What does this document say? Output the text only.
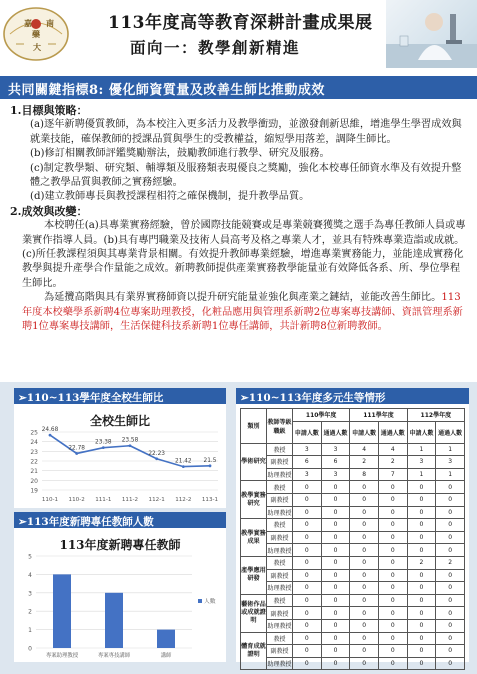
嘉
藥
南
大
113年度高等教育深耕計畫成果展
面向一：教學創新精進
共同關鍵指標8: 優化師資質量及改善生師比推動成效
1.目標與策略：
(a)逐年新聘優質教師，為本校注入更多活力及教學衝勁，並激發創新思維，增進學生學習成效與就業技能，確保教師的授課品質與學生的受教權益，縮短學用落差，調降生師比。
(b)修訂相關教師評鑑獎勵辦法，鼓勵教師進行教學、研究及服務。
(c)制定教學類、研究類、輔導類及服務類表現優良之獎勵，強化本校專任師資水準及有效提升整體之教學品質與教師之實務經驗。
(d)建立教師專長與教授課程相符之確保機制，提升教學品質。
2.成效與改變：
本校聘任(a)具專業實務經驗，曾於國際技能競賽或是專業競賽獲獎之選手為專任教師人員或專業實作指導人員。(b)具有專門職業及技術人員高考及格之專業人才，並具有特殊專業造詣或成就。(c)所任教課程須與其專業背景相關。有效提升教師專業經驗，增進專業實務能力，並能達成實務化教學與提升產學合作量能之成效。新聘教師提供產業實務教學能量並有效降低各系、所、學位學程生師比。
為延攬高階與具有業界實務師資以提升研究能量並強化與產業之鏈結，並能改善生師比。113年度本校藥學系新聘4位專案助理教授，化粧品應用與管理系新聘2位專案專技講師、資訊管理系新聘1位專案專技講師，生活保健科技系新聘1位專任講師，共計新聘8位新聘教師。
➢110~113學年度全校生師比
全校生師比
25
24
23
22
21
20
19
24.68
110-1
22.78
110-2
23.38
111-1
23.58
111-2
22.23
112-1
21.42
112-2
21.5
113-1
➢113年度新聘專任教師人數
113年度新聘專任教師
5
4
3
2
1
0
專案助理教授	專案專技講師	講師
人數
➢110~113年度多元生等情形
類別	教師等級職級	110學年度		111學年度		112學年度	
		申請人數	通過人數	申請人數	通過人數	申請人數	通過人數
學術研究	教授	3	3	4	4	1	1
	副教授	6	6	2	2	3	3
	助理教授	3	3	8	7	1	1
教學實務研究	教授	0	0	0	0	0	0
	副教授	0	0	0	0	0	0
	助理教授	0	0	0	0	0	0
教學實務成果	教授	0	0	0	0	0	0
	副教授	0	0	0	0	0	0
	助理教授	0	0	0	0	0	0
產學應用研發	教授	0	0	0	0	2	2
	副教授	0	0	0	0	0	0
	助理教授	0	0	0	0	0	0
藝術作品或成就證明	教授	0	0	0	0	0	0
	副教授	0	0	0	0	0	0
	助理教授	0	0	0	0	0	0
體育成就證明	教授	0	0	0	0	0	0
	副教授	0	0	0	0	0	0
	助理教授	0	0	0	0	0	0
